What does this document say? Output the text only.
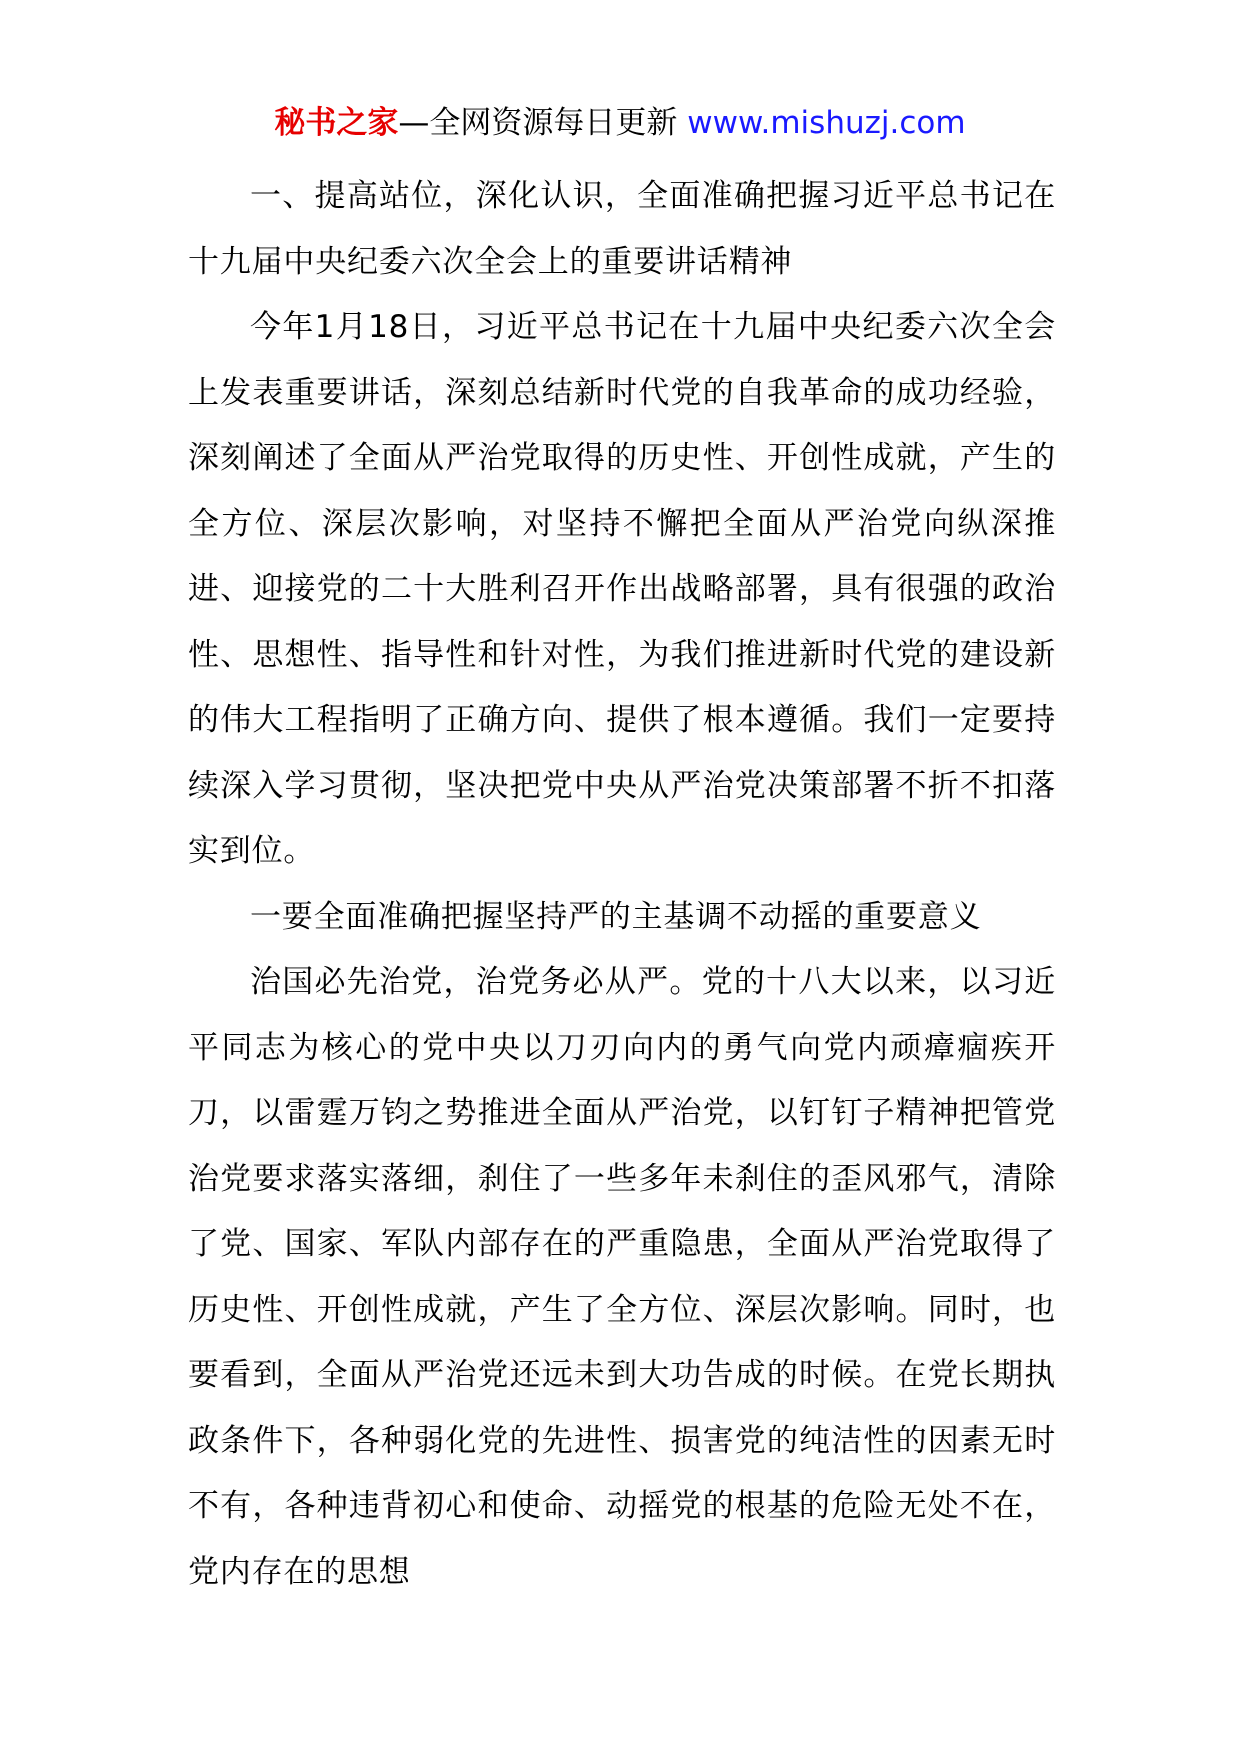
秘书之家—全网资源每日更新 www.mishuzj.com

一、提高站位，深化认识，全面准确把握习近平总书记在十九届中央纪委六次全会上的重要讲话精神

今年1月18日，习近平总书记在十九届中央纪委六次全会上发表重要讲话，深刻总结新时代党的自我革命的成功经验，深刻阐述了全面从严治党取得的历史性、开创性成就，产生的全方位、深层次影响，对坚持不懈把全面从严治党向纵深推进、迎接党的二十大胜利召开作出战略部署，具有很强的政治性、思想性、指导性和针对性，为我们推进新时代党的建设新的伟大工程指明了正确方向、提供了根本遵循。我们一定要持续深入学习贯彻，坚决把党中央从严治党决策部署不折不扣落实到位。

一要全面准确把握坚持严的主基调不动摇的重要意义

治国必先治党，治党务必从严。党的十八大以来，以习近平同志为核心的党中央以刀刃向内的勇气向党内顽瘴痼疾开刀，以雷霆万钧之势推进全面从严治党，以钉钉子精神把管党治党要求落实落细，刹住了一些多年未刹住的歪风邪气，清除了党、国家、军队内部存在的严重隐患，全面从严治党取得了历史性、开创性成就，产生了全方位、深层次影响。同时，也要看到，全面从严治党还远未到大功告成的时候。在党长期执政条件下，各种弱化党的先进性、损害党的纯洁性的因素无时不有，各种违背初心和使命、动摇党的根基的危险无处不在，党内存在的思想
